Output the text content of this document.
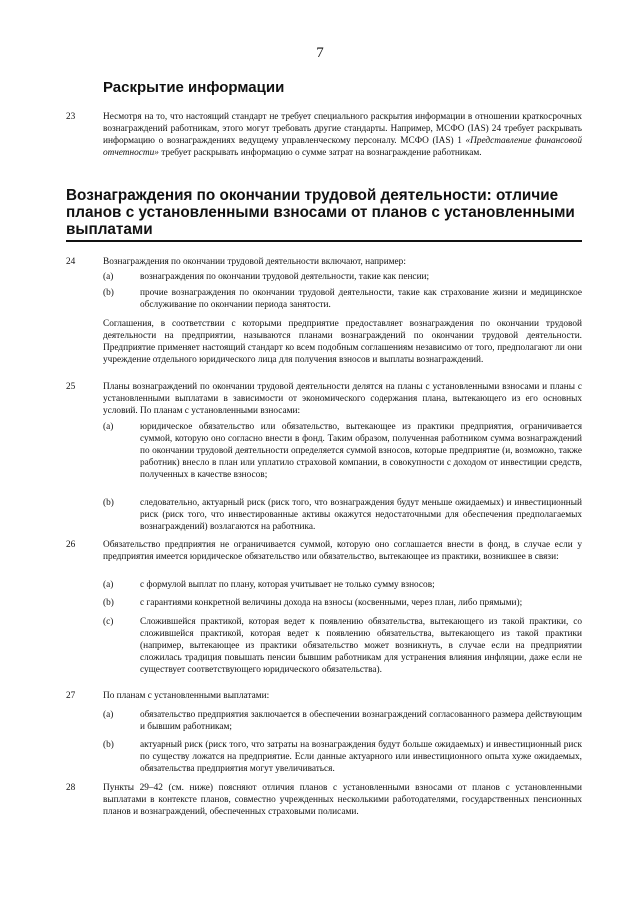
7
Раскрытие информации
23	Несмотря на то, что настоящий стандарт не требует специального раскрытия информации в отношении краткосрочных вознаграждений работникам, этого могут требовать другие стандарты. Например, МСФО (IAS) 24 требует раскрывать информацию о вознаграждениях ведущему управленческому персоналу. МСФО (IAS) 1 «Представление финансовой отчетности» требует раскрывать информацию о сумме затрат на вознаграждение работникам.
Вознаграждения по окончании трудовой деятельности: отличие планов с установленными взносами от планов с установленными выплатами
24	Вознаграждения по окончании трудовой деятельности включают, например:
(a)	вознаграждения по окончании трудовой деятельности, такие как пенсии;
(b)	прочие вознаграждения по окончании трудовой деятельности, такие как страхование жизни и медицинское обслуживание по окончании периода занятости.
Соглашения, в соответствии с которыми предприятие предоставляет вознаграждения по окончании трудовой деятельности на предприятии, называются планами вознаграждений по окончании трудовой деятельности. Предприятие применяет настоящий стандарт ко всем подобным соглашениям независимо от того, предполагают ли они учреждение отдельного юридического лица для получения взносов и выплаты вознаграждений.
25	Планы вознаграждений по окончании трудовой деятельности делятся на планы с установленными взносами и планы с установленными выплатами в зависимости от экономического содержания плана, вытекающего из его основных условий. По планам с установленными взносами:
(a)	юридическое обязательство или обязательство, вытекающее из практики предприятия, ограничивается суммой, которую оно согласно внести в фонд. Таким образом, полученная работником сумма вознаграждений по окончании трудовой деятельности определяется суммой взносов, которые предприятие (и, возможно, также работник) внесло в план или уплатило страховой компании, в совокупности с доходом от инвестиции средств, полученных в качестве взносов;
(b)	следовательно, актуарный риск (риск того, что вознаграждения будут меньше ожидаемых) и инвестиционный риск (риск того, что инвестированные активы окажутся недостаточными для обеспечения предполагаемых вознаграждений) возлагаются на работника.
26	Обязательство предприятия не ограничивается суммой, которую оно соглашается внести в фонд, в случае если у предприятия имеется юридическое обязательство или обязательство, вытекающее из практики, возникшее в связи:
(a)	с формулой выплат по плану, которая учитывает не только сумму взносов;
(b)	с гарантиями конкретной величины дохода на взносы (косвенными, через план, либо прямыми);
(c)	Сложившейся практикой, которая ведет к появлению обязательства, вытекающего из такой практики, со сложившейся практикой, которая ведет к появлению обязательства, вытекающего из такой практики (например, вытекающее из практики обязательство может возникнуть, в случае если на предприятии сложилась традиция повышать пенсии бывшим работникам для устранения влияния инфляции, даже если не существует соответствующего юридического обязательства).
27	По планам с установленными выплатами:
(a)	обязательство предприятия заключается в обеспечении вознаграждений согласованного размера действующим и бывшим работникам;
(b)	актуарный риск (риск того, что затраты на вознаграждения будут больше ожидаемых) и инвестиционный риск по существу ложатся на предприятие. Если данные актуарного или инвестиционного опыта хуже ожидаемых, обязательства предприятия могут увеличиваться.
28	Пункты 29–42 (см. ниже) поясняют отличия планов с установленными взносами от планов с установленными выплатами в контексте планов, совместно учрежденных несколькими работодателями, государственных пенсионных планов и вознаграждений, обеспеченных страховыми полисами.
